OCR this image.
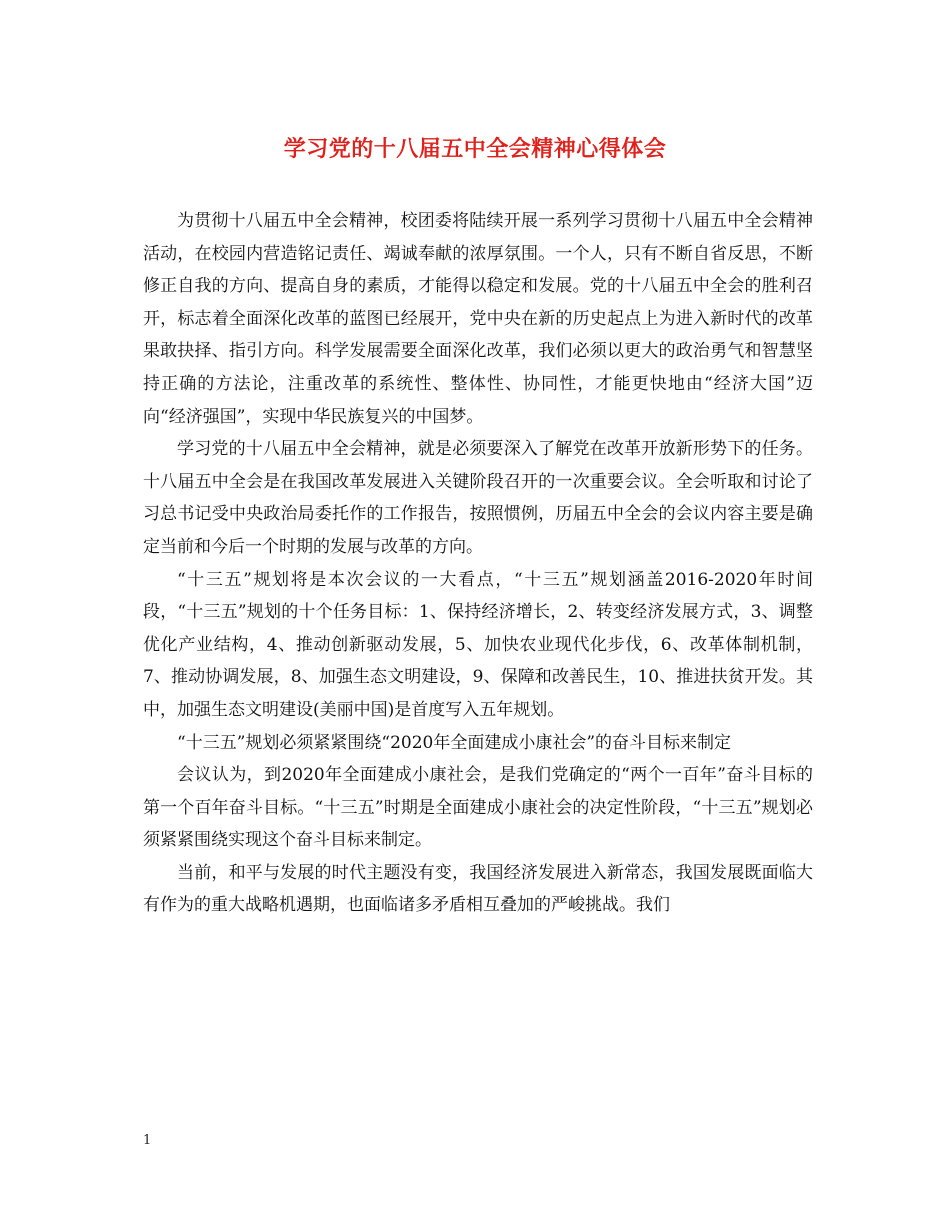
学习党的十八届五中全会精神心得体会

为贯彻十八届五中全会精神，校团委将陆续开展一系列学习贯彻十八届五中全会精神活动，在校园内营造铭记责任、竭诚奉献的浓厚氛围。一个人，只有不断自省反思，不断修正自我的方向、提高自身的素质，才能得以稳定和发展。党的十八届五中全会的胜利召开，标志着全面深化改革的蓝图已经展开，党中央在新的历史起点上为进入新时代的改革果敢抉择、指引方向。科学发展需要全面深化改革，我们必须以更大的政治勇气和智慧坚持正确的方法论，注重改革的系统性、整体性、协同性，才能更快地由“经济大国”迈向“经济强国”，实现中华民族复兴的中国梦。

学习党的十八届五中全会精神，就是必须要深入了解党在改革开放新形势下的任务。十八届五中全会是在我国改革发展进入关键阶段召开的一次重要会议。全会听取和讨论了习总书记受中央政治局委托作的工作报告，按照惯例，历届五中全会的会议内容主要是确定当前和今后一个时期的发展与改革的方向。

“十三五”规划将是本次会议的一大看点，“十三五”规划涵盖2016-2020年时间段，“十三五”规划的十个任务目标：1、保持经济增长，2、转变经济发展方式，3、调整优化产业结构，4、推动创新驱动发展，5、加快农业现代化步伐，6、改革体制机制，7、推动协调发展，8、加强生态文明建设，9、保障和改善民生，10、推进扶贫开发。其中，加强生态文明建设(美丽中国)是首度写入五年规划。

“十三五”规划必须紧紧围绕“2020年全面建成小康社会”的奋斗目标来制定

会议认为，到2020年全面建成小康社会，是我们党确定的“两个一百年”奋斗目标的第一个百年奋斗目标。“十三五”时期是全面建成小康社会的决定性阶段，“十三五”规划必须紧紧围绕实现这个奋斗目标来制定。

当前，和平与发展的时代主题没有变，我国经济发展进入新常态，我国发展既面临大有作为的重大战略机遇期，也面临诸多矛盾相互叠加的严峻挑战。我们

1
